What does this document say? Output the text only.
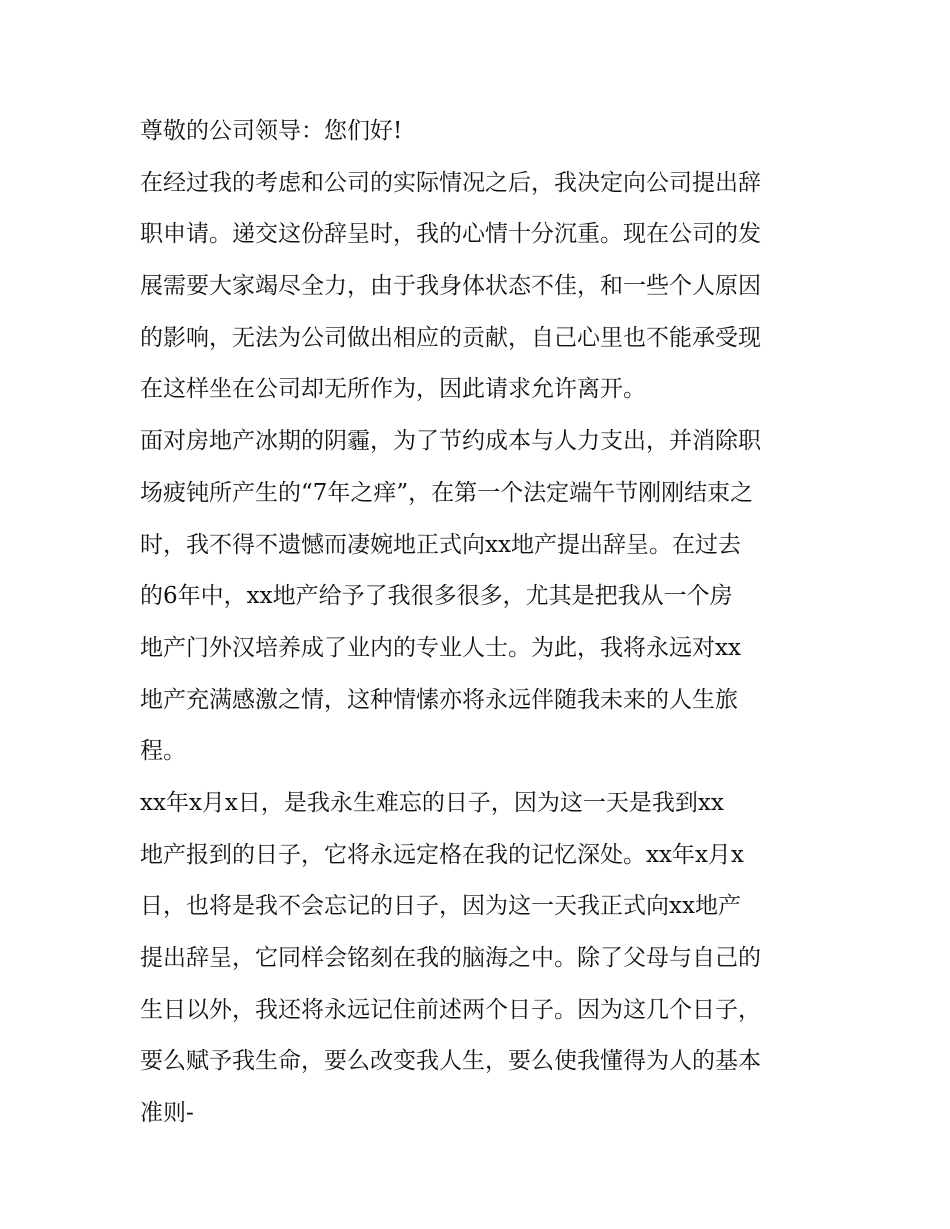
尊敬的公司领导：您们好!
在经过我的考虑和公司的实际情况之后，我决定向公司提出辞
职申请。递交这份辞呈时，我的心情十分沉重。现在公司的发
展需要大家竭尽全力，由于我身体状态不佳，和一些个人原因
的影响，无法为公司做出相应的贡献，自己心里也不能承受现
在这样坐在公司却无所作为，因此请求允许离开。
面对房地产冰期的阴霾，为了节约成本与人力支出，并消除职
场疲钝所产生的“7年之痒”，在第一个法定端午节刚刚结束之
时，我不得不遗憾而凄婉地正式向xx地产提出辞呈。在过去
的6年中，xx地产给予了我很多很多，尤其是把我从一个房
地产门外汉培养成了业内的专业人士。为此，我将永远对xx
地产充满感激之情，这种情愫亦将永远伴随我未来的人生旅
程。
xx年x月x日，是我永生难忘的日子，因为这一天是我到xx
地产报到的日子，它将永远定格在我的记忆深处。xx年x月x
日，也将是我不会忘记的日子，因为这一天我正式向xx地产
提出辞呈，它同样会铭刻在我的脑海之中。除了父母与自己的
生日以外，我还将永远记住前述两个日子。因为这几个日子，
要么赋予我生命，要么改变我人生，要么使我懂得为人的基本
准则-
